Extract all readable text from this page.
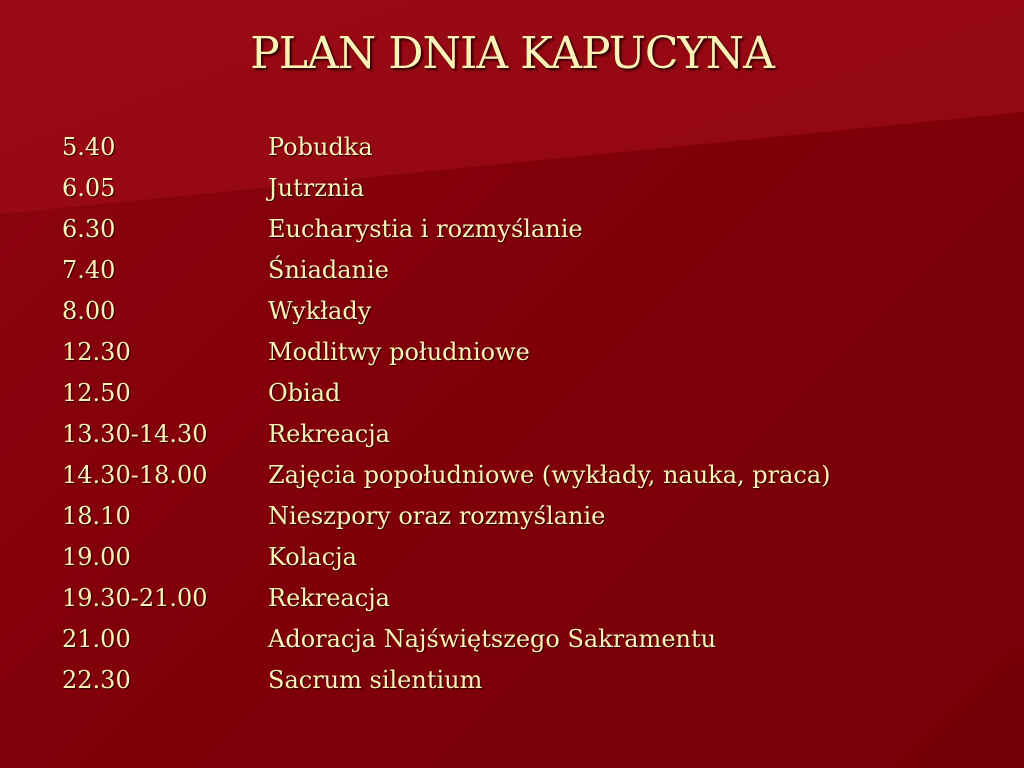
PLAN DNIA KAPUCYNA
5.40	Pobudka
6.05	Jutrznia
6.30	Eucharystia i rozmyślanie
7.40	Śniadanie
8.00	Wykłady
12.30	Modlitwy południowe
12.50	Obiad
13.30-14.30	Rekreacja
14.30-18.00	Zajęcia popołudniowe (wykłady, nauka, praca)
18.10	Nieszpory oraz rozmyślanie
19.00	Kolacja
19.30-21.00	Rekreacja
21.00	Adoracja Najświętszego Sakramentu
22.30	Sacrum silentium
